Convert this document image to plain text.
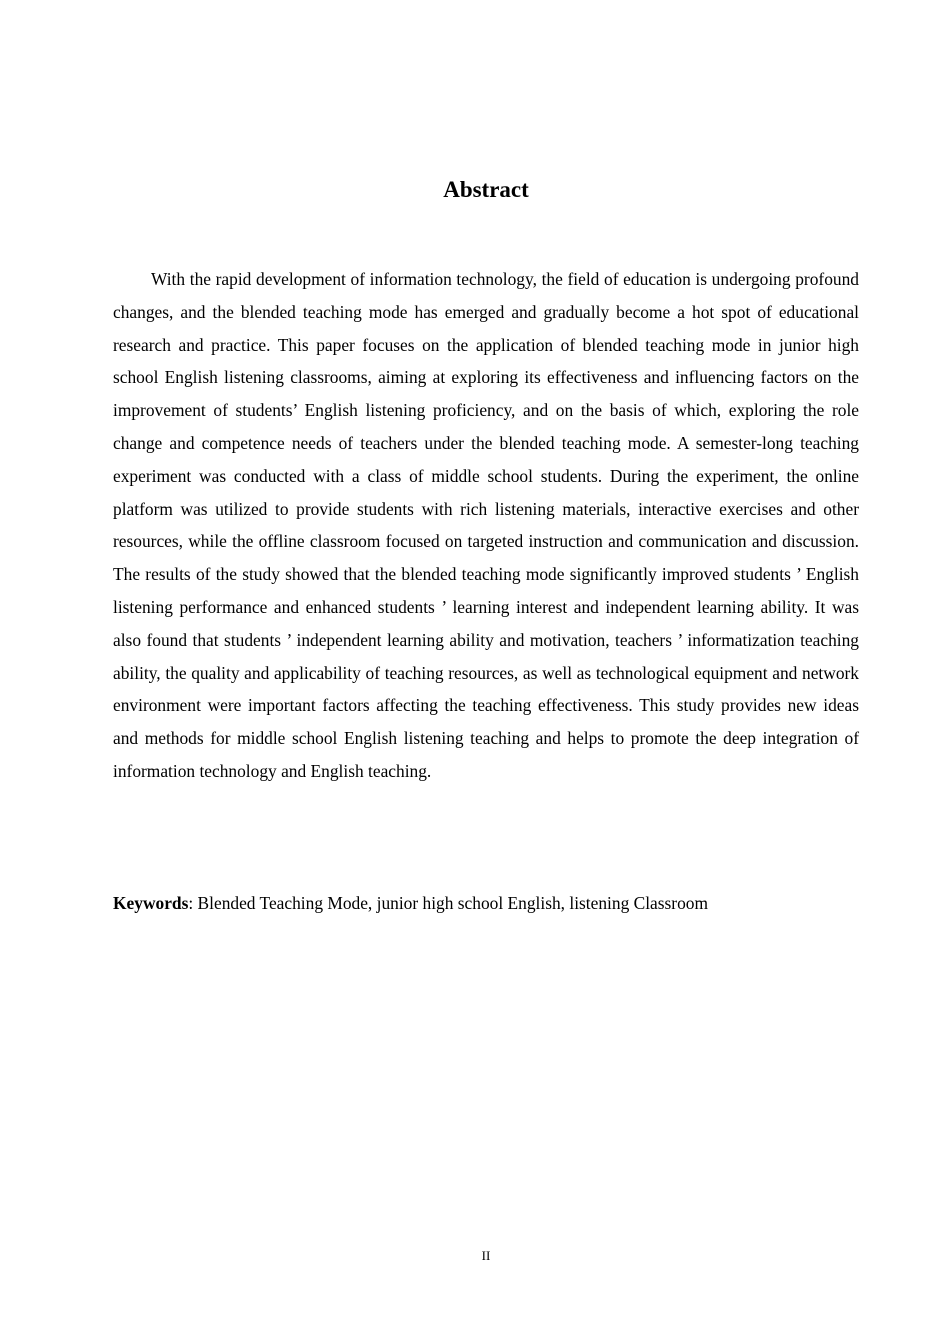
Abstract

With the rapid development of information technology, the field of education is undergoing profound changes, and the blended teaching mode has emerged and gradually become a hot spot of educational research and practice. This paper focuses on the application of blended teaching mode in junior high school English listening classrooms, aiming at exploring its effectiveness and influencing factors on the improvement of students’ English listening proficiency, and on the basis of which, exploring the role change and competence needs of teachers under the blended teaching mode. A semester-long teaching experiment was conducted with a class of middle school students. During the experiment, the online platform was utilized to provide students with rich listening materials, interactive exercises and other resources, while the offline classroom focused on targeted instruction and communication and discussion. The results of the study showed that the blended teaching mode significantly improved students ’ English listening performance and enhanced students ’ learning interest and independent learning ability. It was also found that students ’ independent learning ability and motivation, teachers ’ informatization teaching ability, the quality and applicability of teaching resources, as well as technological equipment and network environment were important factors affecting the teaching effectiveness. This study provides new ideas and methods for middle school English listening teaching and helps to promote the deep integration of information technology and English teaching.

Keywords: Blended Teaching Mode, junior high school English, listening Classroom

II
